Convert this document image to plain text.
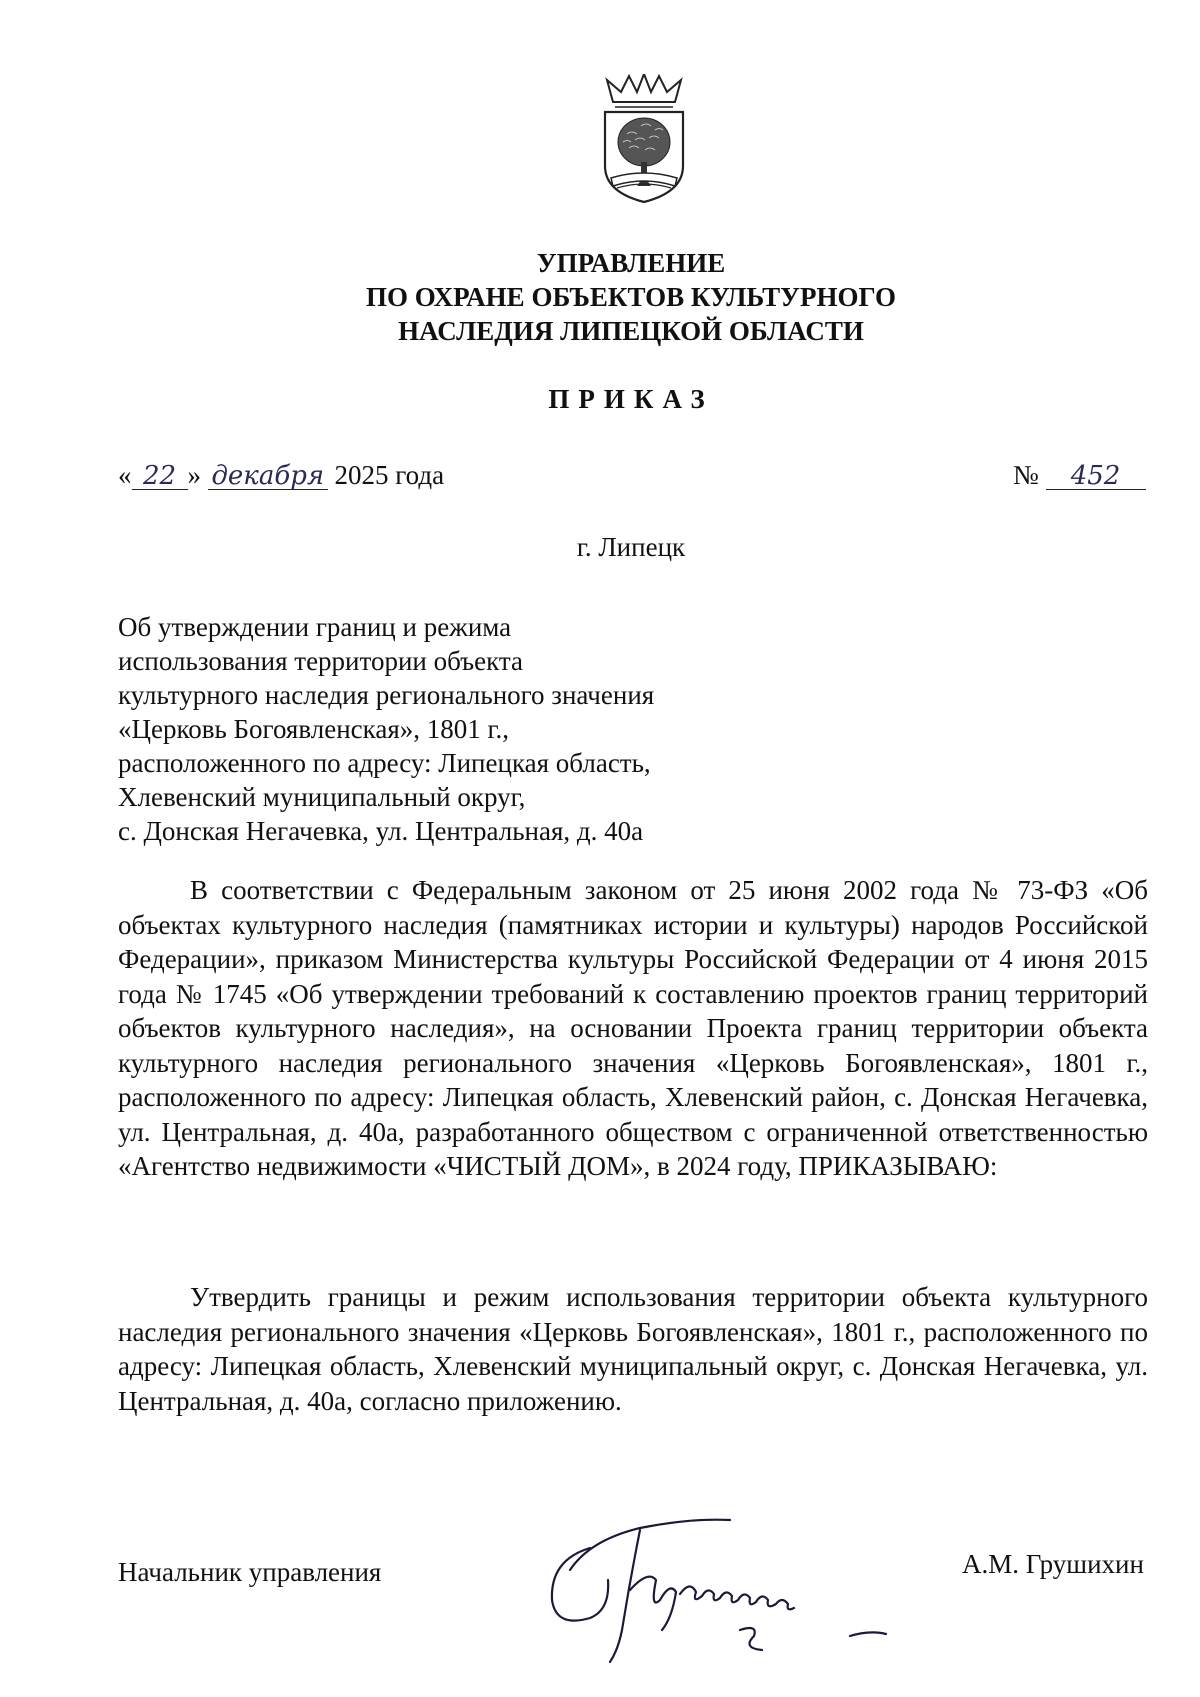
УПРАВЛЕНИЕ
ПО ОХРАНЕ ОБЪЕКТОВ КУЛЬТУРНОГО
НАСЛЕДИЯ ЛИПЕЦКОЙ ОБЛАСТИ
ПРИКАЗ
« 22 » декабря 2025 года	№ 452
г. Липецк
Об утверждении границ и режима
использования территории объекта
культурного наследия регионального значения
«Церковь Богоявленская», 1801 г.,
расположенного по адресу: Липецкая область,
Хлевенский муниципальный округ,
с. Донская Негачевка, ул. Центральная, д. 40а
В соответствии с Федеральным законом от 25 июня 2002 года № 73-ФЗ «Об объектах культурного наследия (памятниках истории и культуры) народов Российской Федерации», приказом Министерства культуры Российской Федерации от 4 июня 2015 года № 1745 «Об утверждении требований к составлению проектов границ территорий объектов культурного наследия», на основании Проекта границ территории объекта культурного наследия регионального значения «Церковь Богоявленская», 1801 г., расположенного по адресу: Липецкая область, Хлевенский район, с. Донская Негачевка, ул. Центральная, д. 40а, разработанного обществом с ограниченной ответственностью «Агентство недвижимости «ЧИСТЫЙ ДОМ», в 2024 году, ПРИКАЗЫВАЮ:
Утвердить границы и режим использования территории объекта культурного наследия регионального значения «Церковь Богоявленская», 1801 г., расположенного по адресу: Липецкая область, Хлевенский муниципальный округ, с. Донская Негачевка, ул. Центральная, д. 40а, согласно приложению.
Начальник управления	А.М. Грушихин
